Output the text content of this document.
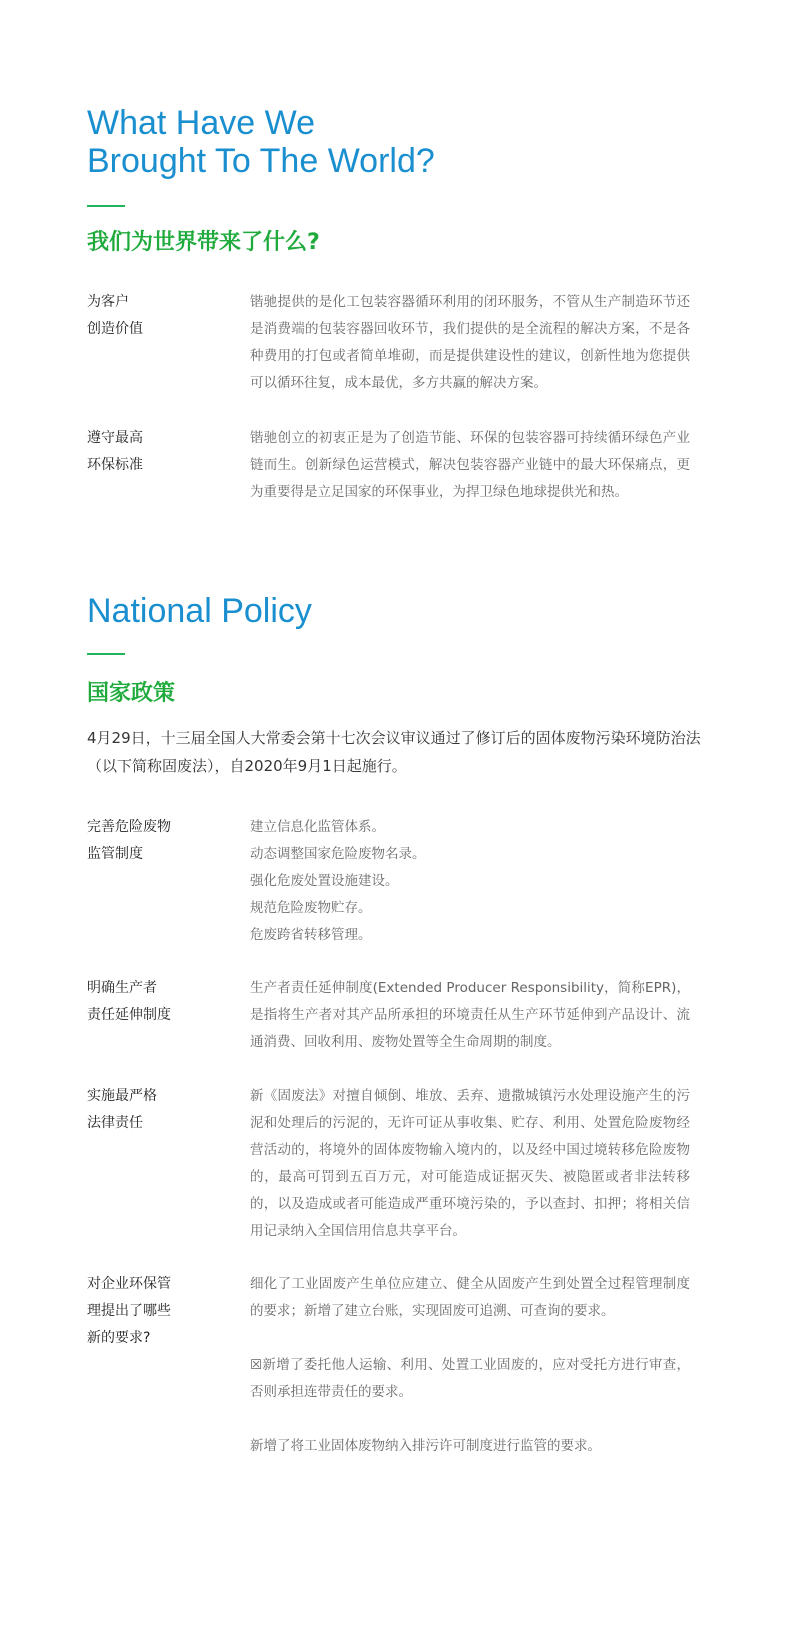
What Have We
Brought To The World?
我们为世界带来了什么?
为客户
创造价值
锴驰提供的是化工包装容器循环利用的闭环服务，不管从生产制造环节还是消费端的包装容器回收环节，我们提供的是全流程的解决方案，不是各种费用的打包或者简单堆砌，而是提供建设性的建议，创新性地为您提供可以循环往复，成本最优，多方共赢的解决方案。
遵守最高
环保标准
锴驰创立的初衷正是为了创造节能、环保的包装容器可持续循环绿色产业链而生。创新绿色运营模式，解决包装容器产业链中的最大环保痛点，更为重要得是立足国家的环保事业，为捍卫绿色地球提供光和热。
National Policy
国家政策

4月29日，十三届全国人大常委会第十七次会议审议通过了修订后的固体废物污染环境防治法（以下简称固废法），自2020年9月1日起施行。

完善危险废物
监管制度

建立信息化监管体系。

动态调整国家危险废物名录。

强化危废处置设施建设。

规范危险废物贮存。

危废跨省转移管理。

明确生产者
责任延伸制度
生产者责任延伸制度(Extended Producer Responsibility，简称EPR)，是指将生产者对其产品所承担的环境责任从生产环节延伸到产品设计、流通消费、回收利用、废物处置等全生命周期的制度。
实施最严格
法律责任
新《固废法》对擅自倾倒、堆放、丢弃、遗撒城镇污水处理设施产生的污泥和处理后的污泥的，无许可证从事收集、贮存、利用、处置危险废物经营活动的，将境外的固体废物输入境内的，以及经中国过境转移危险废物的，最高可罚到五百万元，对可能造成证据灭失、被隐匿或者非法转移的，以及造成或者可能造成严重环境污染的，予以查封、扣押；将相关信用记录纳入全国信用信息共享平台。
对企业环保管
理提出了哪些
新的要求?

细化了工业固废产生单位应建立、健全从固废产生到处置全过程管理制度的要求；新增了建立台账，实现固废可追溯、可查询的要求。

☒新增了委托他人运输、利用、处置工业固废的，应对受托方进行审查，否则承担连带责任的要求。

新增了将工业固体废物纳入排污许可制度进行监管的要求。
